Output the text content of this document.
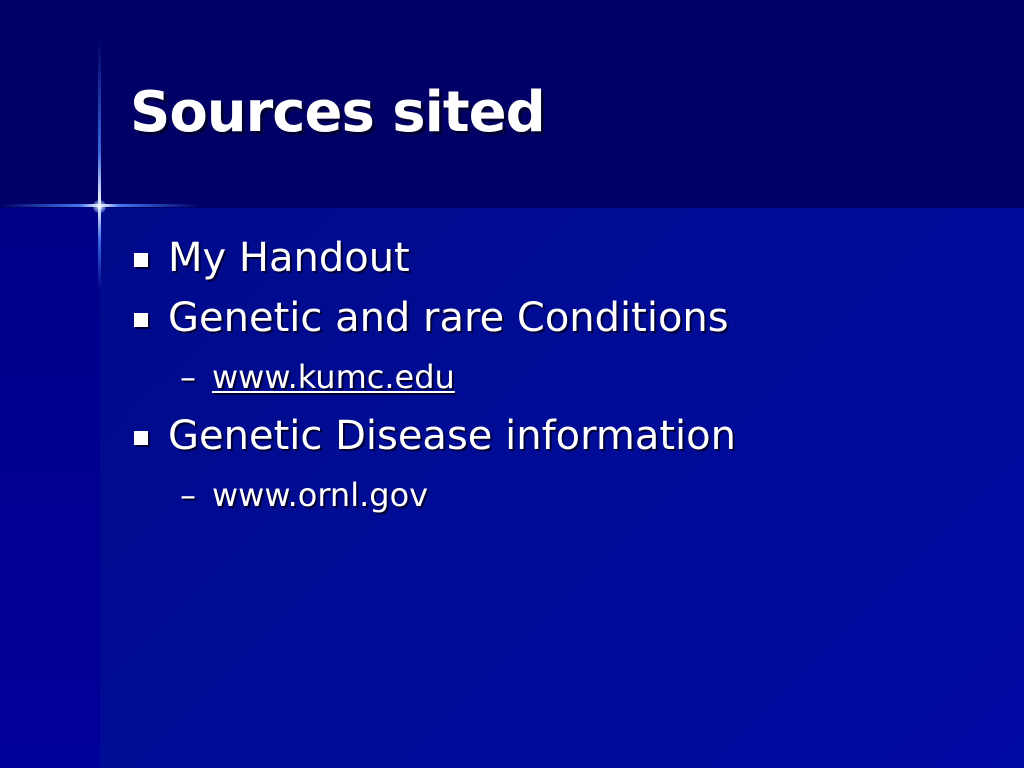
Sources sited
My Handout
Genetic and rare Conditions
– www.kumc.edu
Genetic Disease information
– www.ornl.gov
